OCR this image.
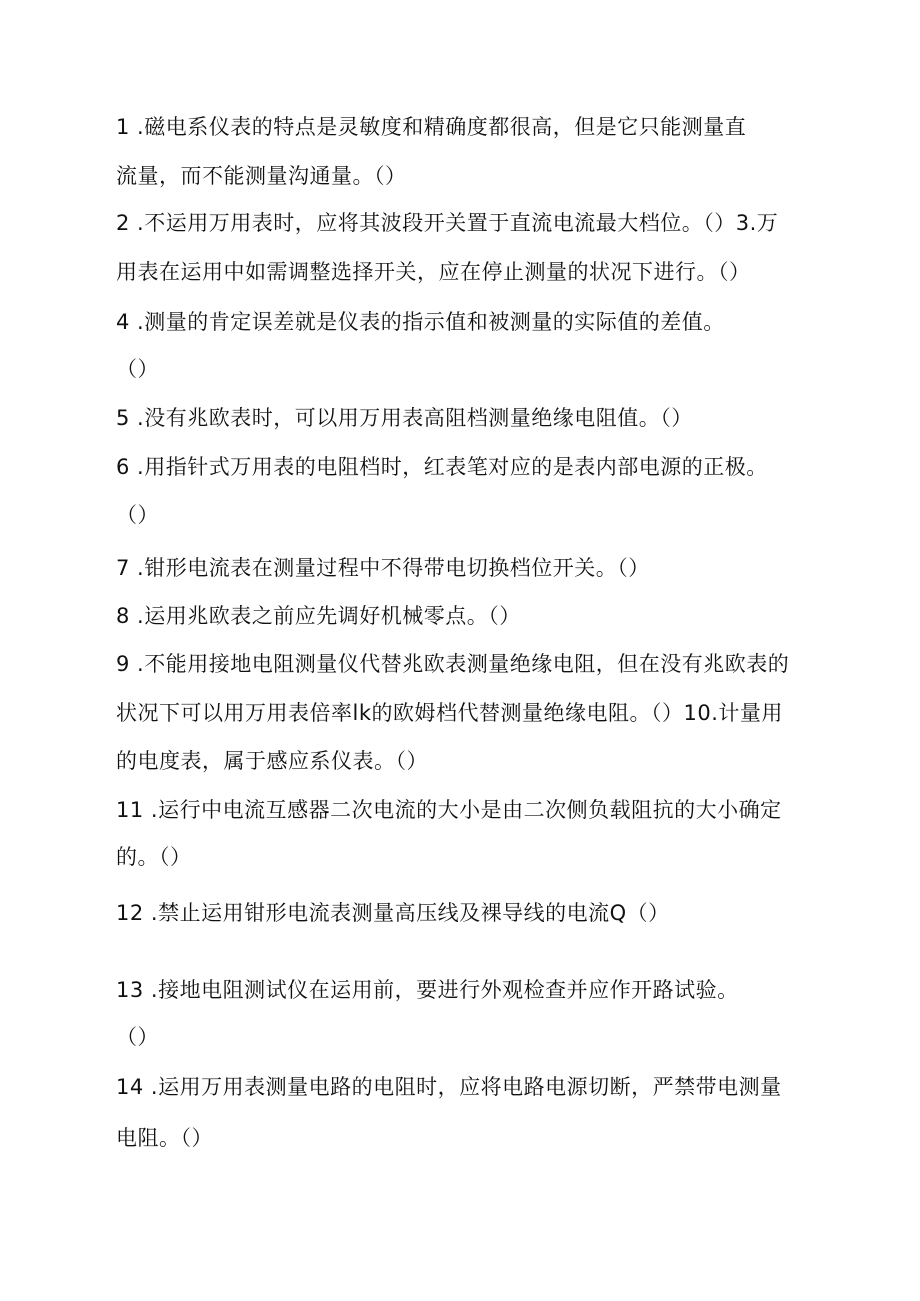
1 .磁电系仪表的特点是灵敏度和精确度都很高，但是它只能测量直
流量，而不能测量沟通量。（）
2 .不运用万用表时，应将其波段开关置于直流电流最大档位。（）3.万
用表在运用中如需调整选择开关，应在停止测量的状况下进行。（）
4 .测量的肯定误差就是仪表的指示值和被测量的实际值的差值。
（）
5 .没有兆欧表时，可以用万用表高阻档测量绝缘电阻值。（）
6 .用指针式万用表的电阻档时，红表笔对应的是表内部电源的正极。
（）
7 .钳形电流表在测量过程中不得带电切换档位开关。（）
8 .运用兆欧表之前应先调好机械零点。（）
9 .不能用接地电阻测量仪代替兆欧表测量绝缘电阻，但在没有兆欧表的
状况下可以用万用表倍率lk的欧姆档代替测量绝缘电阻。（）10.计量用
的电度表，属于感应系仪表。（）
11 .运行中电流互感器二次电流的大小是由二次侧负载阻抗的大小确定
的。（）
12 .禁止运用钳形电流表测量高压线及裸导线的电流Q（）
13 .接地电阻测试仪在运用前，要进行外观检查并应作开路试验。
（）
14 .运用万用表测量电路的电阻时，应将电路电源切断，严禁带电测量
电阻。（）
